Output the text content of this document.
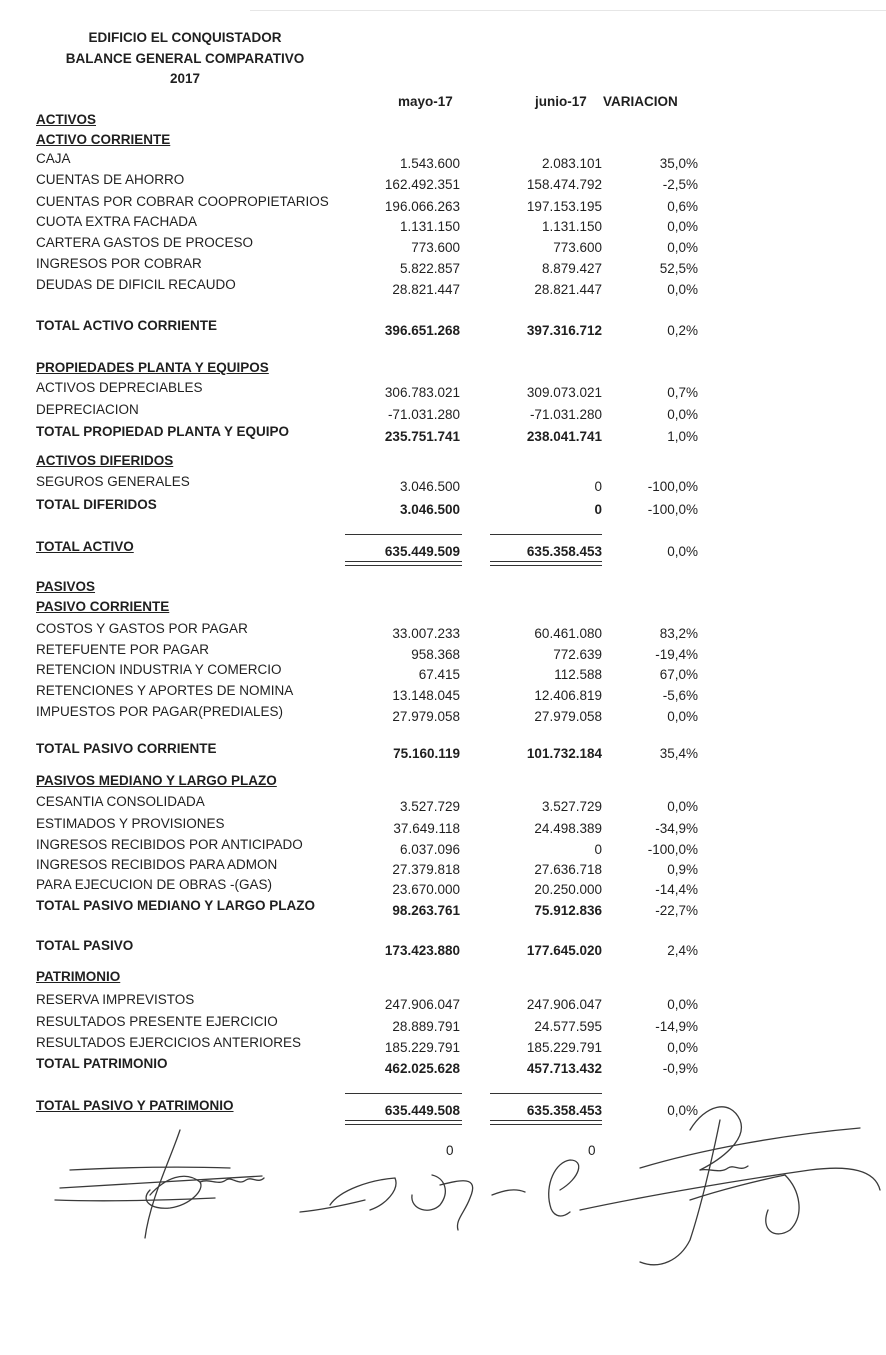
EDIFICIO EL CONQUISTADOR
BALANCE GENERAL COMPARATIVO
2017
mayo-17	junio-17 VARIACION
ACTIVOS
ACTIVO CORRIENTE
CAJA	1.543.600	2.083.101	35,0%
CUENTAS DE AHORRO	162.492.351	158.474.792	-2,5%
CUENTAS POR COBRAR COOPROPIETARIOS	196.066.263	197.153.195	0,6%
CUOTA EXTRA FACHADA	1.131.150	1.131.150	0,0%
CARTERA GASTOS DE PROCESO	773.600	773.600	0,0%
INGRESOS POR COBRAR	5.822.857	8.879.427	52,5%
DEUDAS DE DIFICIL RECAUDO	28.821.447	28.821.447	0,0%
TOTAL ACTIVO CORRIENTE	396.651.268	397.316.712	0,2%
PROPIEDADES PLANTA Y EQUIPOS
ACTIVOS DEPRECIABLES	306.783.021	309.073.021	0,7%
DEPRECIACION	-71.031.280	-71.031.280	0,0%
TOTAL PROPIEDAD PLANTA Y EQUIPO	235.751.741	238.041.741	1,0%
ACTIVOS DIFERIDOS
SEGUROS GENERALES	3.046.500	0	-100,0%
TOTAL DIFERIDOS	3.046.500	0	-100,0%
TOTAL ACTIVO	635.449.509	635.358.453	0,0%
PASIVOS
PASIVO CORRIENTE
COSTOS Y GASTOS POR PAGAR	33.007.233	60.461.080	83,2%
RETEFUENTE POR PAGAR	958.368	772.639	-19,4%
RETENCION INDUSTRIA Y COMERCIO	67.415	112.588	67,0%
RETENCIONES Y APORTES DE NOMINA	13.148.045	12.406.819	-5,6%
IMPUESTOS POR PAGAR(PREDIALES)	27.979.058	27.979.058	0,0%
TOTAL PASIVO CORRIENTE	75.160.119	101.732.184	35,4%
PASIVOS MEDIANO Y LARGO PLAZO
CESANTIA CONSOLIDADA	3.527.729	3.527.729	0,0%
ESTIMADOS Y PROVISIONES	37.649.118	24.498.389	-34,9%
INGRESOS RECIBIDOS POR ANTICIPADO	6.037.096	0	-100,0%
INGRESOS RECIBIDOS PARA ADMON	27.379.818	27.636.718	0,9%
PARA EJECUCION DE OBRAS -(GAS)	23.670.000	20.250.000	-14,4%
TOTAL PASIVO MEDIANO Y LARGO PLAZO	98.263.761	75.912.836	-22,7%
TOTAL PASIVO	173.423.880	177.645.020	2,4%
PATRIMONIO
RESERVA IMPREVISTOS	247.906.047	247.906.047	0,0%
RESULTADOS PRESENTE EJERCICIO	28.889.791	24.577.595	-14,9%
RESULTADOS EJERCICIOS ANTERIORES	185.229.791	185.229.791	0,0%
TOTAL PATRIMONIO	462.025.628	457.713.432	-0,9%
TOTAL PASIVO Y PATRIMONIO	635.449.508	635.358.453	0,0%
0	0
